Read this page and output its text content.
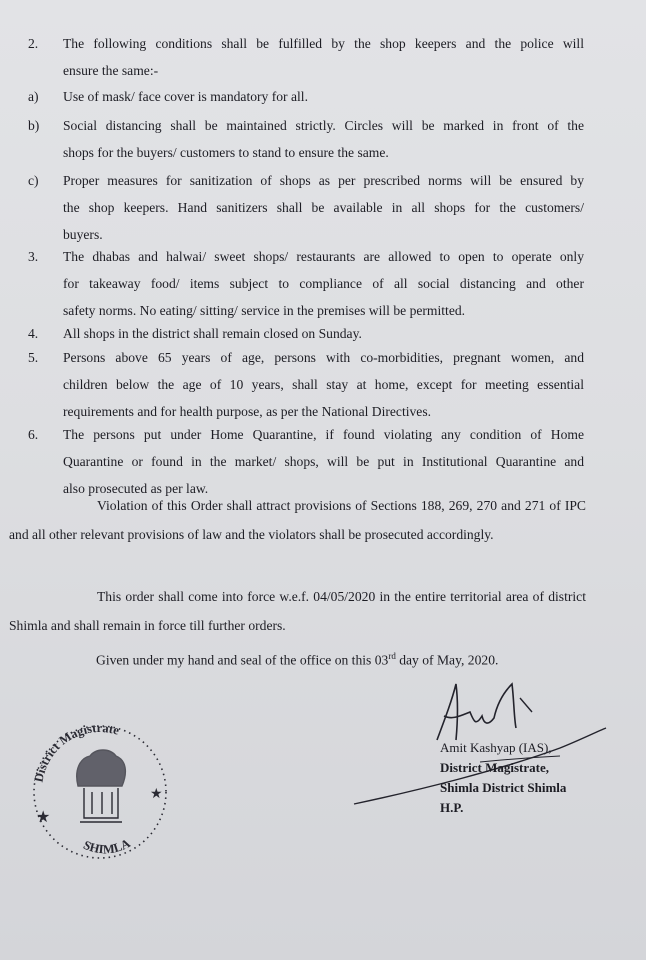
2. The following conditions shall be fulfilled by the shop keepers and the police will
ensure the same:-
a) Use of mask/ face cover is mandatory for all.
b) Social distancing shall be maintained strictly. Circles will be marked in front of the
shops for the buyers/ customers to stand to ensure the same.
c) Proper measures for sanitization of shops as per prescribed norms will be ensured by
the shop keepers. Hand sanitizers shall be available in all shops for the customers/
buyers.
3. The dhabas and halwai/ sweet shops/ restaurants are allowed to open to operate only
for takeaway food/ items subject to compliance of all social distancing and other
safety norms. No eating/ sitting/ service in the premises will be permitted.
4. All shops in the district shall remain closed on Sunday.
5. Persons above 65 years of age, persons with co-morbidities, pregnant women, and
children below the age of 10 years, shall stay at home, except for meeting essential
requirements and for health purpose, as per the National Directives.
6. The persons put under Home Quarantine, if found violating any condition of Home
Quarantine or found in the market/ shops, will be put in Institutional Quarantine and
also prosecuted as per law.
Violation of this Order shall attract provisions of Sections 188, 269, 270 and 271 of IPC and all other relevant provisions of law and the violators shall be prosecuted accordingly.
This order shall come into force w.e.f. 04/05/2020 in the entire territorial area of district Shimla and shall remain in force till further orders.
Given under my hand and seal of the office on this 03rd day of May, 2020.
District Magistrate
SHIMLA
★
★
Amit Kashyap (IAS),
District Magistrate,
Shimla District Shimla
H.P.
